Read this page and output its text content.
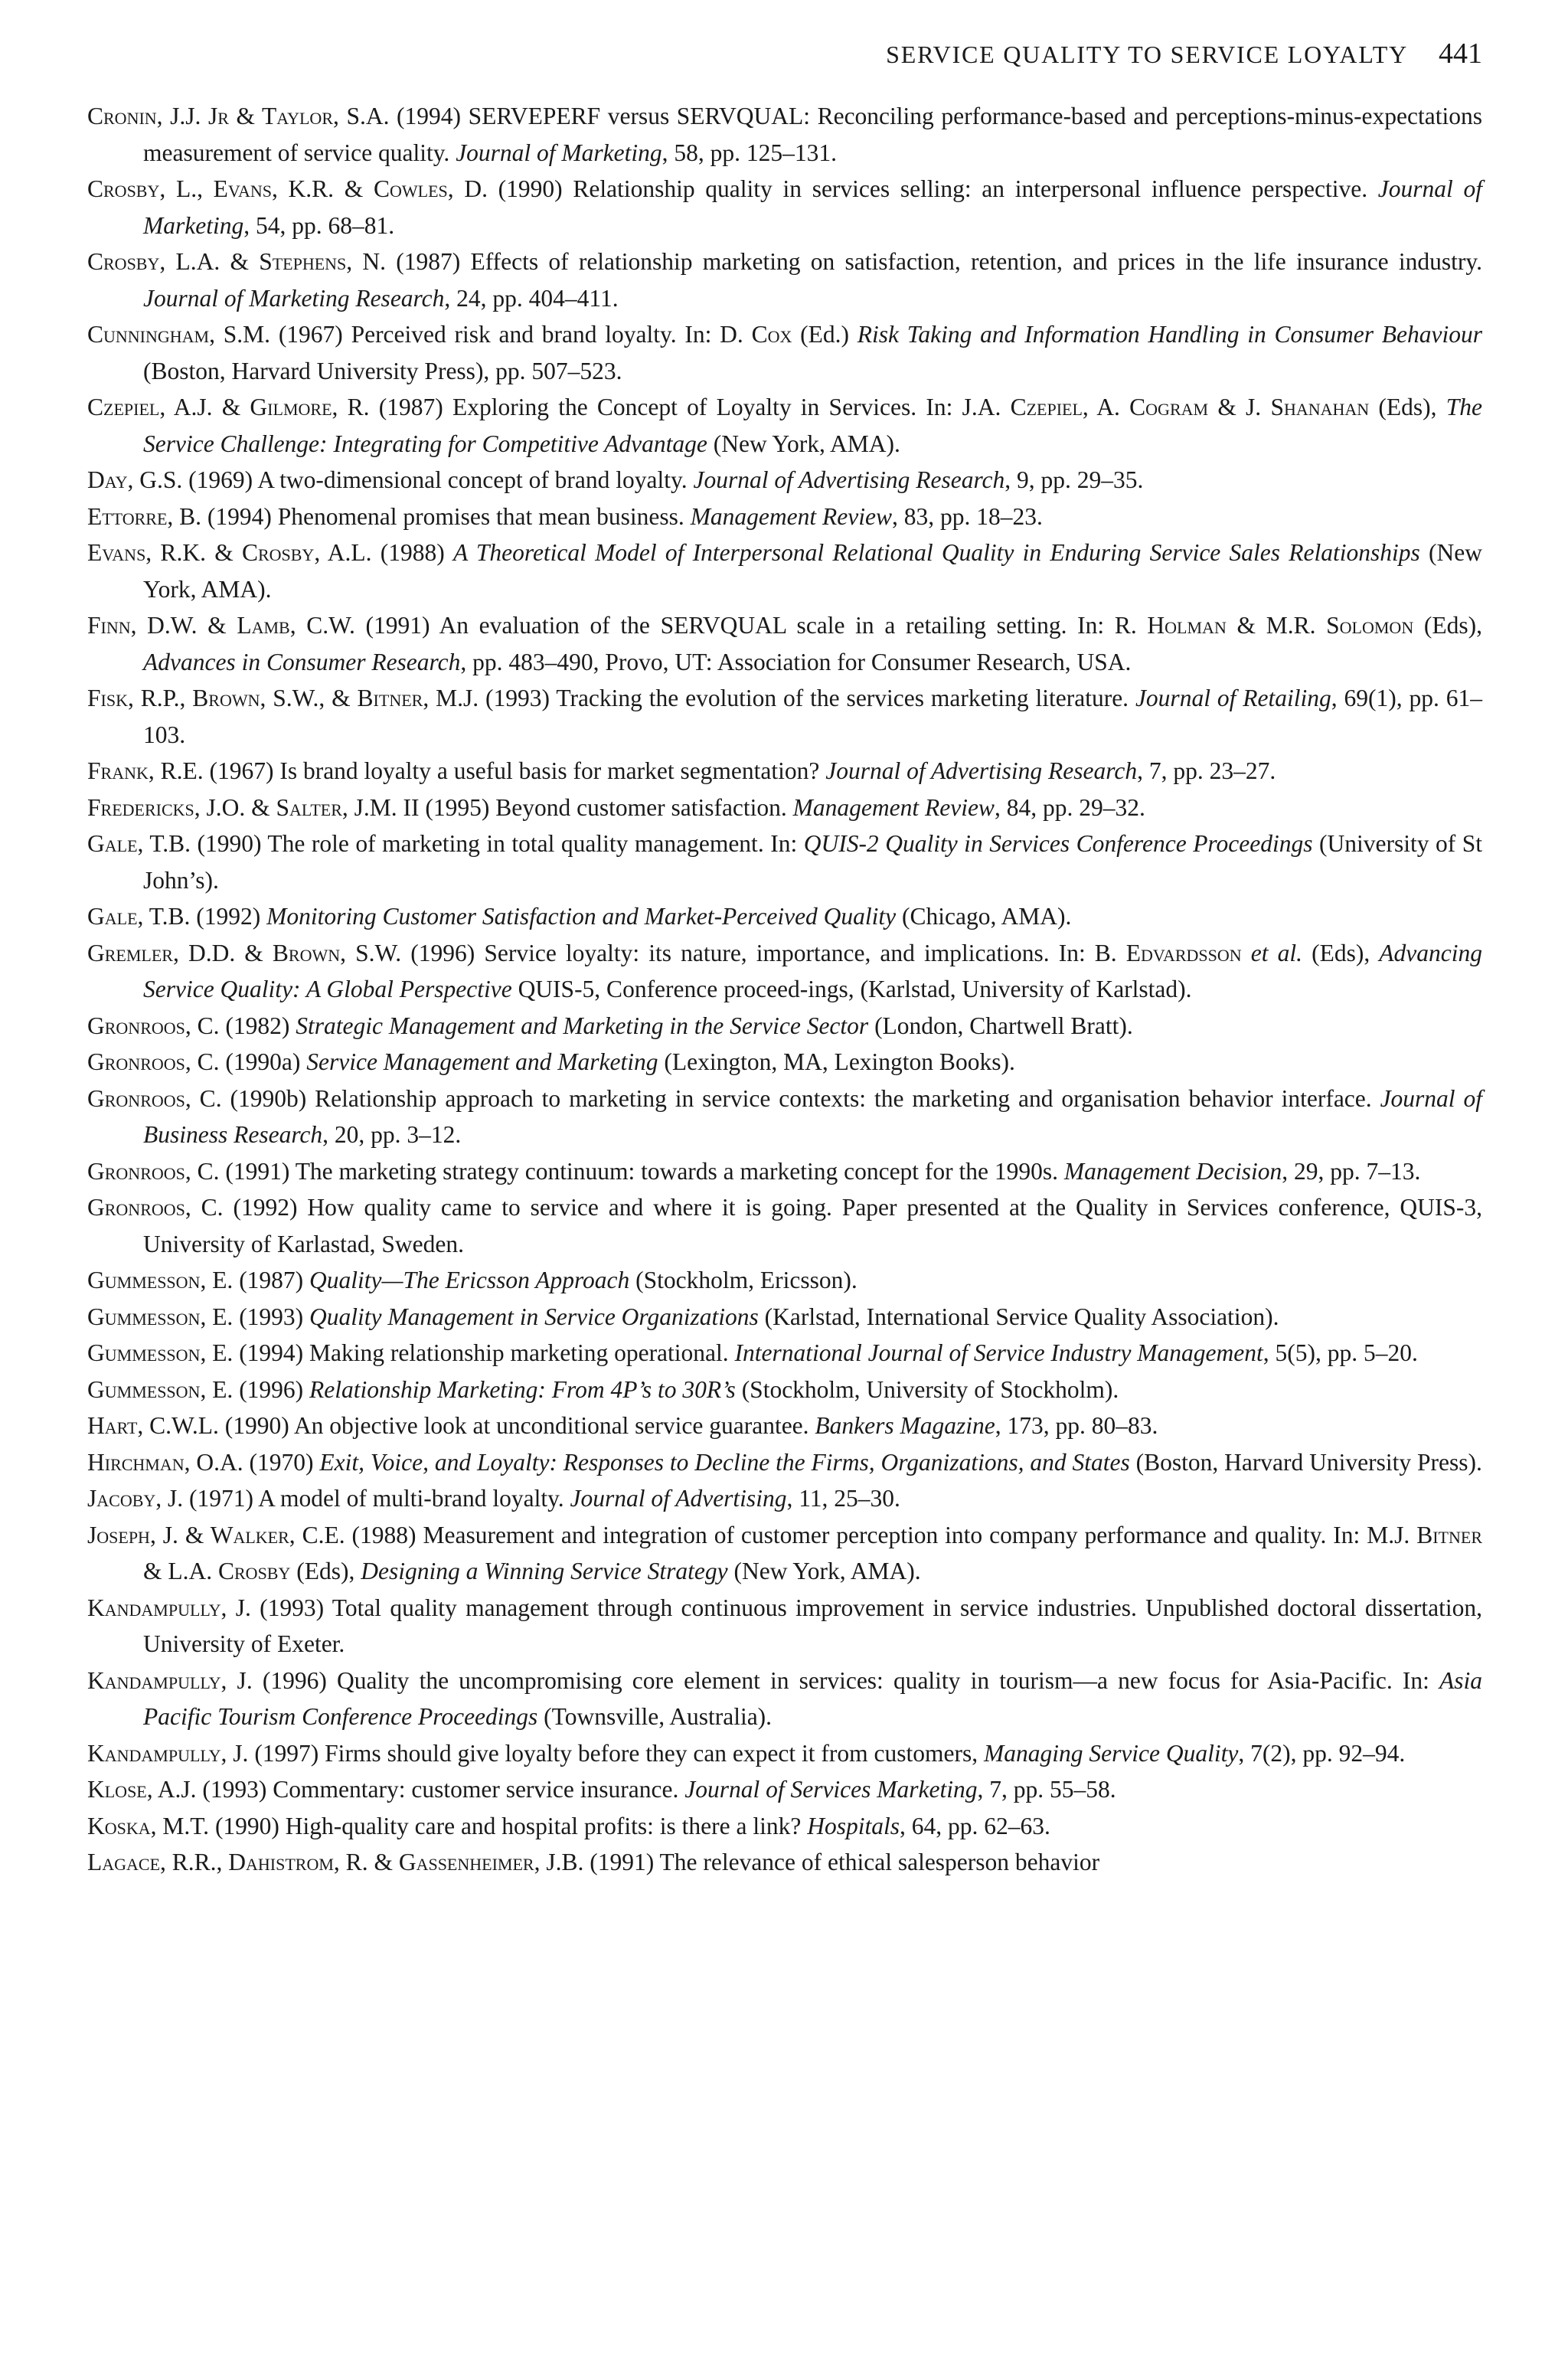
SERVICE QUALITY TO SERVICE LOYALTY 441
Cronin, J.J. Jr & Taylor, S.A. (1994) SERVEPERF versus SERVQUAL: Reconciling performance-based and perceptions-minus-expectations measurement of service quality. Journal of Marketing, 58, pp. 125–131.
Crosby, L., Evans, K.R. & Cowles, D. (1990) Relationship quality in services selling: an interpersonal influence perspective. Journal of Marketing, 54, pp. 68–81.
Crosby, L.A. & Stephens, N. (1987) Effects of relationship marketing on satisfaction, retention, and prices in the life insurance industry. Journal of Marketing Research, 24, pp. 404–411.
Cunningham, S.M. (1967) Perceived risk and brand loyalty. In: D. Cox (Ed.) Risk Taking and Information Handling in Consumer Behaviour (Boston, Harvard University Press), pp. 507–523.
Czepiel, A.J. & Gilmore, R. (1987) Exploring the Concept of Loyalty in Services. In: J.A. Czepiel, A. Cogram & J. Shanahan (Eds), The Service Challenge: Integrating for Competitive Advantage (New York, AMA).
Day, G.S. (1969) A two-dimensional concept of brand loyalty. Journal of Advertising Research, 9, pp. 29–35.
Ettorre, B. (1994) Phenomenal promises that mean business. Management Review, 83, pp. 18–23.
Evans, R.K. & Crosby, A.L. (1988) A Theoretical Model of Interpersonal Relational Quality in Enduring Service Sales Relationships (New York, AMA).
Finn, D.W. & Lamb, C.W. (1991) An evaluation of the SERVQUAL scale in a retailing setting. In: R. Holman & M.R. Solomon (Eds), Advances in Consumer Research, pp. 483–490, Provo, UT: Association for Consumer Research, USA.
Fisk, R.P., Brown, S.W., & Bitner, M.J. (1993) Tracking the evolution of the services marketing literature. Journal of Retailing, 69(1), pp. 61–103.
Frank, R.E. (1967) Is brand loyalty a useful basis for market segmentation? Journal of Advertising Research, 7, pp. 23–27.
Fredericks, J.O. & Salter, J.M. II (1995) Beyond customer satisfaction. Management Review, 84, pp. 29–32.
Gale, T.B. (1990) The role of marketing in total quality management. In: QUIS-2 Quality in Services Conference Proceedings (University of St John’s).
Gale, T.B. (1992) Monitoring Customer Satisfaction and Market-Perceived Quality (Chicago, AMA).
Gremler, D.D. & Brown, S.W. (1996) Service loyalty: its nature, importance, and implications. In: B. Edvardsson et al. (Eds), Advancing Service Quality: A Global Perspective QUIS-5, Conference proceed-ings, (Karlstad, University of Karlstad).
Gronroos, C. (1982) Strategic Management and Marketing in the Service Sector (London, Chartwell Bratt).
Gronroos, C. (1990a) Service Management and Marketing (Lexington, MA, Lexington Books).
Gronroos, C. (1990b) Relationship approach to marketing in service contexts: the marketing and organisation behavior interface. Journal of Business Research, 20, pp. 3–12.
Gronroos, C. (1991) The marketing strategy continuum: towards a marketing concept for the 1990s. Management Decision, 29, pp. 7–13.
Gronroos, C. (1992) How quality came to service and where it is going. Paper presented at the Quality in Services conference, QUIS-3, University of Karlastad, Sweden.
Gummesson, E. (1987) Quality—The Ericsson Approach (Stockholm, Ericsson).
Gummesson, E. (1993) Quality Management in Service Organizations (Karlstad, International Service Quality Association).
Gummesson, E. (1994) Making relationship marketing operational. International Journal of Service Industry Management, 5(5), pp. 5–20.
Gummesson, E. (1996) Relationship Marketing: From 4P’s to 30R’s (Stockholm, University of Stockholm).
Hart, C.W.L. (1990) An objective look at unconditional service guarantee. Bankers Magazine, 173, pp. 80–83.
Hirchman, O.A. (1970) Exit, Voice, and Loyalty: Responses to Decline the Firms, Organizations, and States (Boston, Harvard University Press).
Jacoby, J. (1971) A model of multi-brand loyalty. Journal of Advertising, 11, 25–30.
Joseph, J. & Walker, C.E. (1988) Measurement and integration of customer perception into company performance and quality. In: M.J. Bitner & L.A. Crosby (Eds), Designing a Winning Service Strategy (New York, AMA).
Kandampully, J. (1993) Total quality management through continuous improvement in service industries. Unpublished doctoral dissertation, University of Exeter.
Kandampully, J. (1996) Quality the uncompromising core element in services: quality in tourism—a new focus for Asia-Pacific. In: Asia Pacific Tourism Conference Proceedings (Townsville, Australia).
Kandampully, J. (1997) Firms should give loyalty before they can expect it from customers, Managing Service Quality, 7(2), pp. 92–94.
Klose, A.J. (1993) Commentary: customer service insurance. Journal of Services Marketing, 7, pp. 55–58.
Koska, M.T. (1990) High-quality care and hospital profits: is there a link? Hospitals, 64, pp. 62–63.
Lagace, R.R., Dahistrom, R. & Gassenheimer, J.B. (1991) The relevance of ethical salesperson behavior
